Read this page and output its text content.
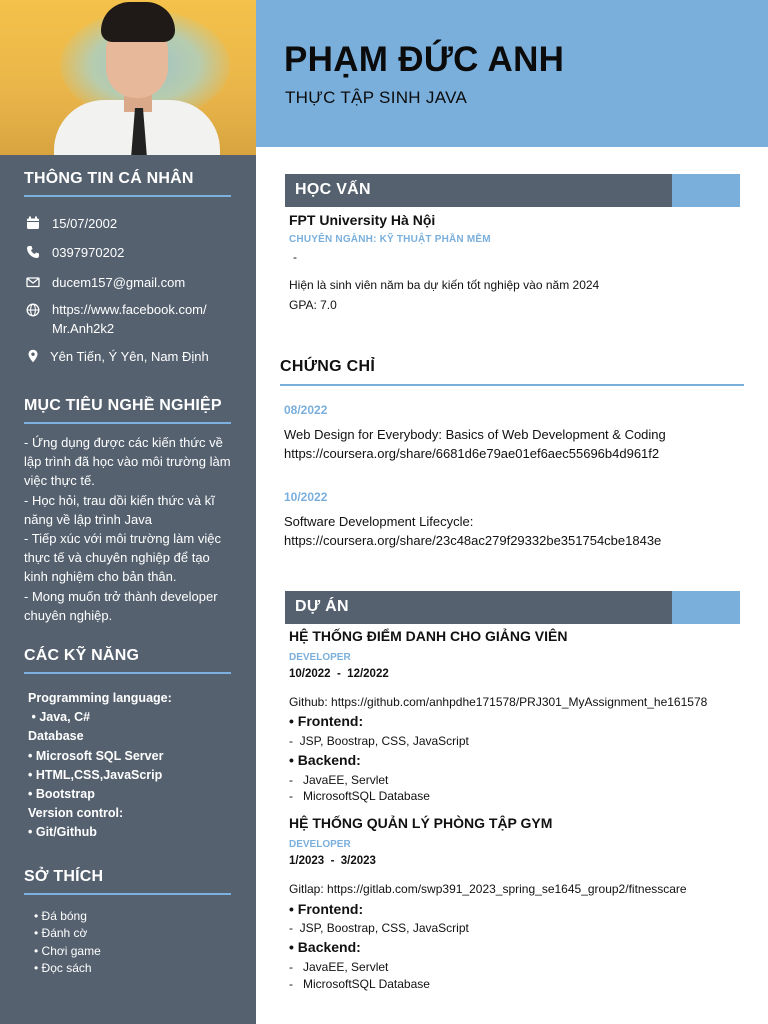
THÔNG TIN CÁ NHÂN
15/07/2002
0397970202
ducem157@gmail.com
https://www.facebook.com/
Mr.Anh2k2
Yên Tiến, Ý Yên, Nam Định
MỤC TIÊU NGHỀ NGHIỆP

- Ứng dụng được các kiến thức về lập trình đã học vào môi trường làm việc thực tế.

- Học hỏi, trau dồi kiến thức và kĩ năng về lập trình Java

- Tiếp xúc với môi trường làm việc thực tế và chuyên nghiệp để tạo kinh nghiệm cho bản thân.

- Mong muốn trở thành developer chuyên nghiệp.

CÁC KỸ NĂNG
Programming language:
• Java, C#
Database
• Microsoft SQL Server
• HTML,CSS,JavaScrip
• Bootstrap
Version control:
• Git/Github
SỞ THÍCH
• Đá bóng
• Đánh cờ
• Chơi game
• Đọc sách
PHẠM ĐỨC ANH
THỰC TẬP SINH JAVA
HỌC VẤN
FPT University Hà Nội
CHUYÊN NGÀNH: KỸ THUẬT PHẦN MỀM
-
Hiện là sinh viên năm ba dự kiến tốt nghiệp vào năm 2024
GPA: 7.0
CHỨNG CHỈ
08/2022
Web Design for Everybody: Basics of Web Development & Coding
https://coursera.org/share/6681d6e79ae01ef6aec55696b4d961f2
10/2022
Software Development Lifecycle:
https://coursera.org/share/23c48ac279f29332be351754cbe1843e
DỰ ÁN
HỆ THỐNG ĐIỂM DANH CHO GIẢNG VIÊN
DEVELOPER
10/2022  -  12/2022
Github: https://github.com/anhpdhe171578/PRJ301_MyAssignment_he161578
• Frontend:
-  JSP, Boostrap, CSS, JavaScript
• Backend:
-   JavaEE, Servlet
-   MicrosoftSQL Database
HỆ THỐNG QUẢN LÝ PHÒNG TẬP GYM
DEVELOPER
1/2023  -  3/2023
Gitlap: https://gitlab.com/swp391_2023_spring_se1645_group2/fitnesscare
• Frontend:
-  JSP, Boostrap, CSS, JavaScript
• Backend:
-   JavaEE, Servlet
-   MicrosoftSQL Database
